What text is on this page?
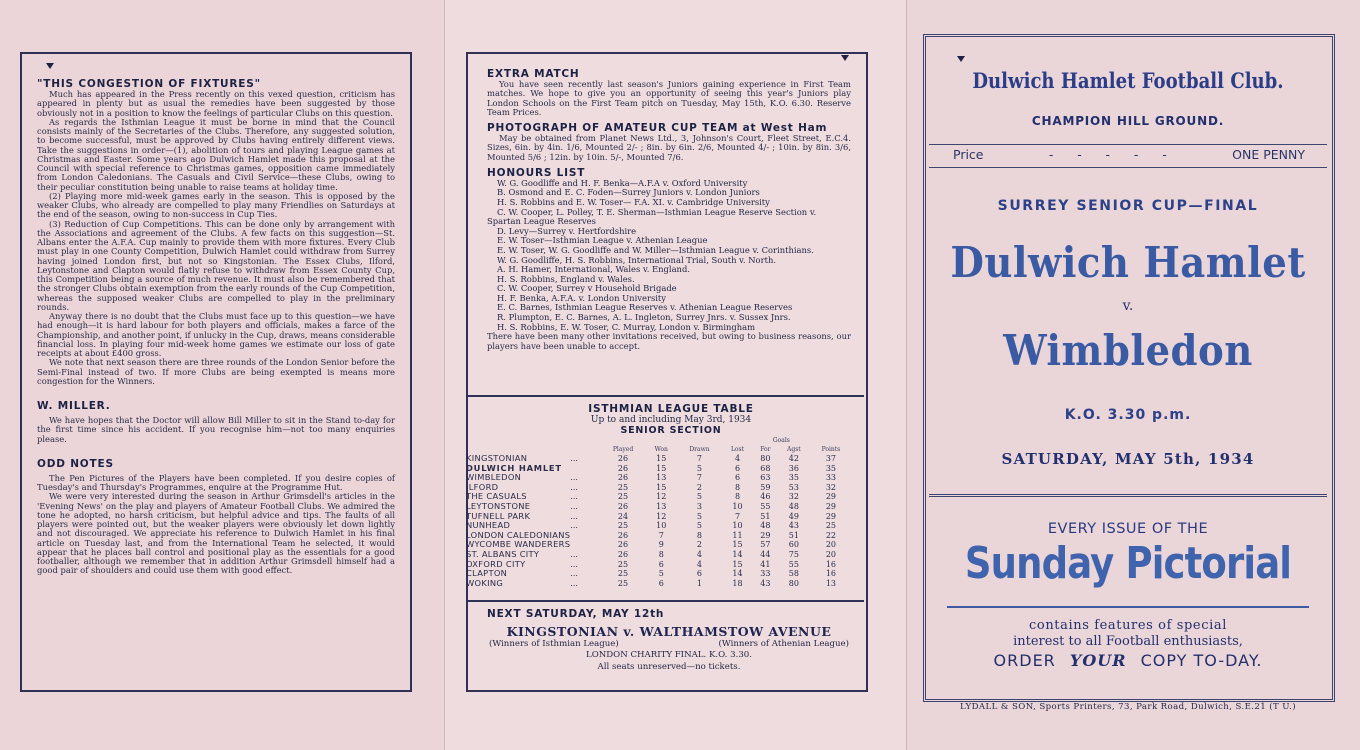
"THIS CONGESTION OF FIXTURES"

Much has appeared in the Press recently on this vexed question, criticism has appeared in plenty but as usual the remedies have been suggested by those obviously not in a position to know the feelings of particular Clubs on this question.

As regards the Isthmian League it must be borne in mind that the Council consists mainly of the Secretaries of the Clubs. Therefore, any suggested solution, to become successful, must be approved by Clubs having entirely different views. Take the suggestions in order—(1), abolition of tours and playing League games at Christmas and Easter. Some years ago Dulwich Hamlet made this proposal at the Council with special reference to Christmas games, opposition came immediately from London Caledonians. The Casuals and Civil Service—these Clubs, owing to their peculiar constitution being unable to raise teams at holiday time.

(2) Playing more mid-week games early in the season. This is opposed by the weaker Clubs, who already are compelled to play many Friendlies on Saturdays at the end of the season, owing to non-success in Cup Ties.

(3) Reduction of Cup Competitions. This can be done only by arrangement with the Associations and agreement of the Clubs. A few facts on this suggestion—St. Albans enter the A.F.A. Cup mainly to provide them with more fixtures. Every Club must play in one County Competition, Dulwich Hamlet could withdraw from Surrey having joined London first, but not so Kingstonian. The Essex Clubs, Ilford, Leytonstone and Clapton would flatly refuse to withdraw from Essex County Cup, this Competition being a source of much revenue. It must also be remembered that the stronger Clubs obtain exemption from the early rounds of the Cup Competition, whereas the supposed weaker Clubs are compelled to play in the preliminary rounds.

Anyway there is no doubt that the Clubs must face up to this question—we have had enough—it is hard labour for both players and officials, makes a farce of the Championship, and another point, if unlucky in the Cup, draws, means considerable financial loss. In playing four mid-week home games we estimate our loss of gate receipts at about £400 gross.

We note that next season there are three rounds of the London Senior before the Semi-Final instead of two. If more Clubs are being exempted is means more congestion for the Winners.

W. MILLER.

We have hopes that the Doctor will allow Bill Miller to sit in the Stand to-day for the first time since his accident. If you recognise him—not too many enquiries please.

ODD NOTES

The Pen Pictures of the Players have been completed. If you desire copies of Tuesday's and Thursday's Programmes, enquire at the Programme Hut.

We were very interested during the season in Arthur Grimsdell's articles in the 'Evening News' on the play and players of Amateur Football Clubs. We admired the tone he adopted, no harsh criticism, but helpful advice and tips. The faults of all players were pointed out, but the weaker players were obviously let down lightly and not discouraged. We appreciate his reference to Dulwich Hamlet in his final article on Tuesday last, and from the International Team he selected, it would appear that he places ball control and positional play as the essentials for a good footballer, although we remember that in addition Arthur Grimsdell himself had a good pair of shoulders and could use them with good effect.

EXTRA MATCH

You have seen recently last season's Juniors gaining experience in First Team matches. We hope to give you an opportunity of seeing this year's Juniors play London Schools on the First Team pitch on Tuesday, May 15th, K.O. 6.30. Reserve Team Prices.

PHOTOGRAPH OF AMATEUR CUP TEAM at West Ham

May be obtained from Planet News Ltd., 3, Johnson's Court, Fleet Street, E.C.4. Sizes, 6in. by 4in. 1/6, Mounted 2/- ; 8in. by 6in. 2/6, Mounted 4/- ; 10in. by 8in. 3/6, Mounted 5/6 ; 12in. by 10in. 5/-, Mounted 7/6.

HONOURS LIST
W. G. Goodliffe and H. F. Benka—A.F.A v. Oxford University
B. Osmond and E. C. Foden—Surrey Juniors v. London Juniors
H. S. Robbins and E. W. Toser— F.A. XI. v. Cambridge University
C. W. Cooper, L. Polley, T. E. Sherman—Isthmian League Reserve Section v. Spartan League Reserves
D. Levy—Surrey v. Hertfordshire
E. W. Toser—Isthmian League v. Athenian League
E. W. Toser, W. G. Goodliffe and W. Miller—Isthmian League v. Corinthians.
W. G. Goodliffe, H. S. Robbins, International Trial, South v. North.
A. H. Hamer, International, Wales v. England.
H. S. Robbins, England v. Wales.
C. W. Cooper, Surrey v Household Brigade
H. F. Benka, A.F.A. v. London University
E. C. Barnes, Isthmian League Reserves v. Athenian League Reserves
R. Plumpton, E. C. Barnes, A. L. Ingleton, Surrey Jnrs. v. Sussex Jnrs.
H. S. Robbins, E. W. Toser, C. Murray, London v. Birmingham

There have been many other invitations received, but owing to business reasons, our players have been unable to accept.

ISTHMIAN LEAGUE TABLE
Up to and including May 3rd, 1934
SENIOR SECTION
						Goals		
		Played	Won	Drawn	Lost	For	Agst	Points
KINGSTONIAN	...	26	15	7	4	80	42	37
DULWICH HAMLET		26	15	5	6	68	36	35
WIMBLEDON	...	26	13	7	6	63	35	33
ILFORD	...	25	15	2	8	59	53	32
THE CASUALS	...	25	12	5	8	46	32	29
LEYTONSTONE	...	26	13	3	10	55	48	29
TUFNELL PARK	...	24	12	5	7	51	49	29
NUNHEAD	...	25	10	5	10	48	43	25
LONDON CALEDONIANS		26	7	8	11	29	51	22
WYCOMBE WANDERERS		26	9	2	15	57	60	20
ST. ALBANS CITY	...	26	8	4	14	44	75	20
OXFORD CITY	...	25	6	4	15	41	55	16
CLAPTON	...	25	5	6	14	33	58	16
WOKING	...	25	6	1	18	43	80	13
NEXT SATURDAY, MAY 12th
KINGSTONIAN v. WALTHAMSTOW AVENUE
(Winners of Isthmian League)	(Winners of Athenian League)
LONDON CHARITY FINAL. K.O. 3.30.
All seats unreserved—no tickets.
Dulwich Hamlet Football Club.
CHAMPION HILL GROUND.
Price	-      -      -      -      -	ONE PENNY
SURREY SENIOR CUP—FINAL
Dulwich Hamlet
v.
Wimbledon
K.O. 3.30 p.m.
SATURDAY, MAY 5th, 1934
EVERY ISSUE OF THE
Sunday Pictorial
contains features of special
interest to all Football enthusiasts,
ORDER YOUR COPY TO-DAY.
LYDALL & SON, Sports Printers, 73, Park Road, Dulwich, S.E.21 (T U.)
